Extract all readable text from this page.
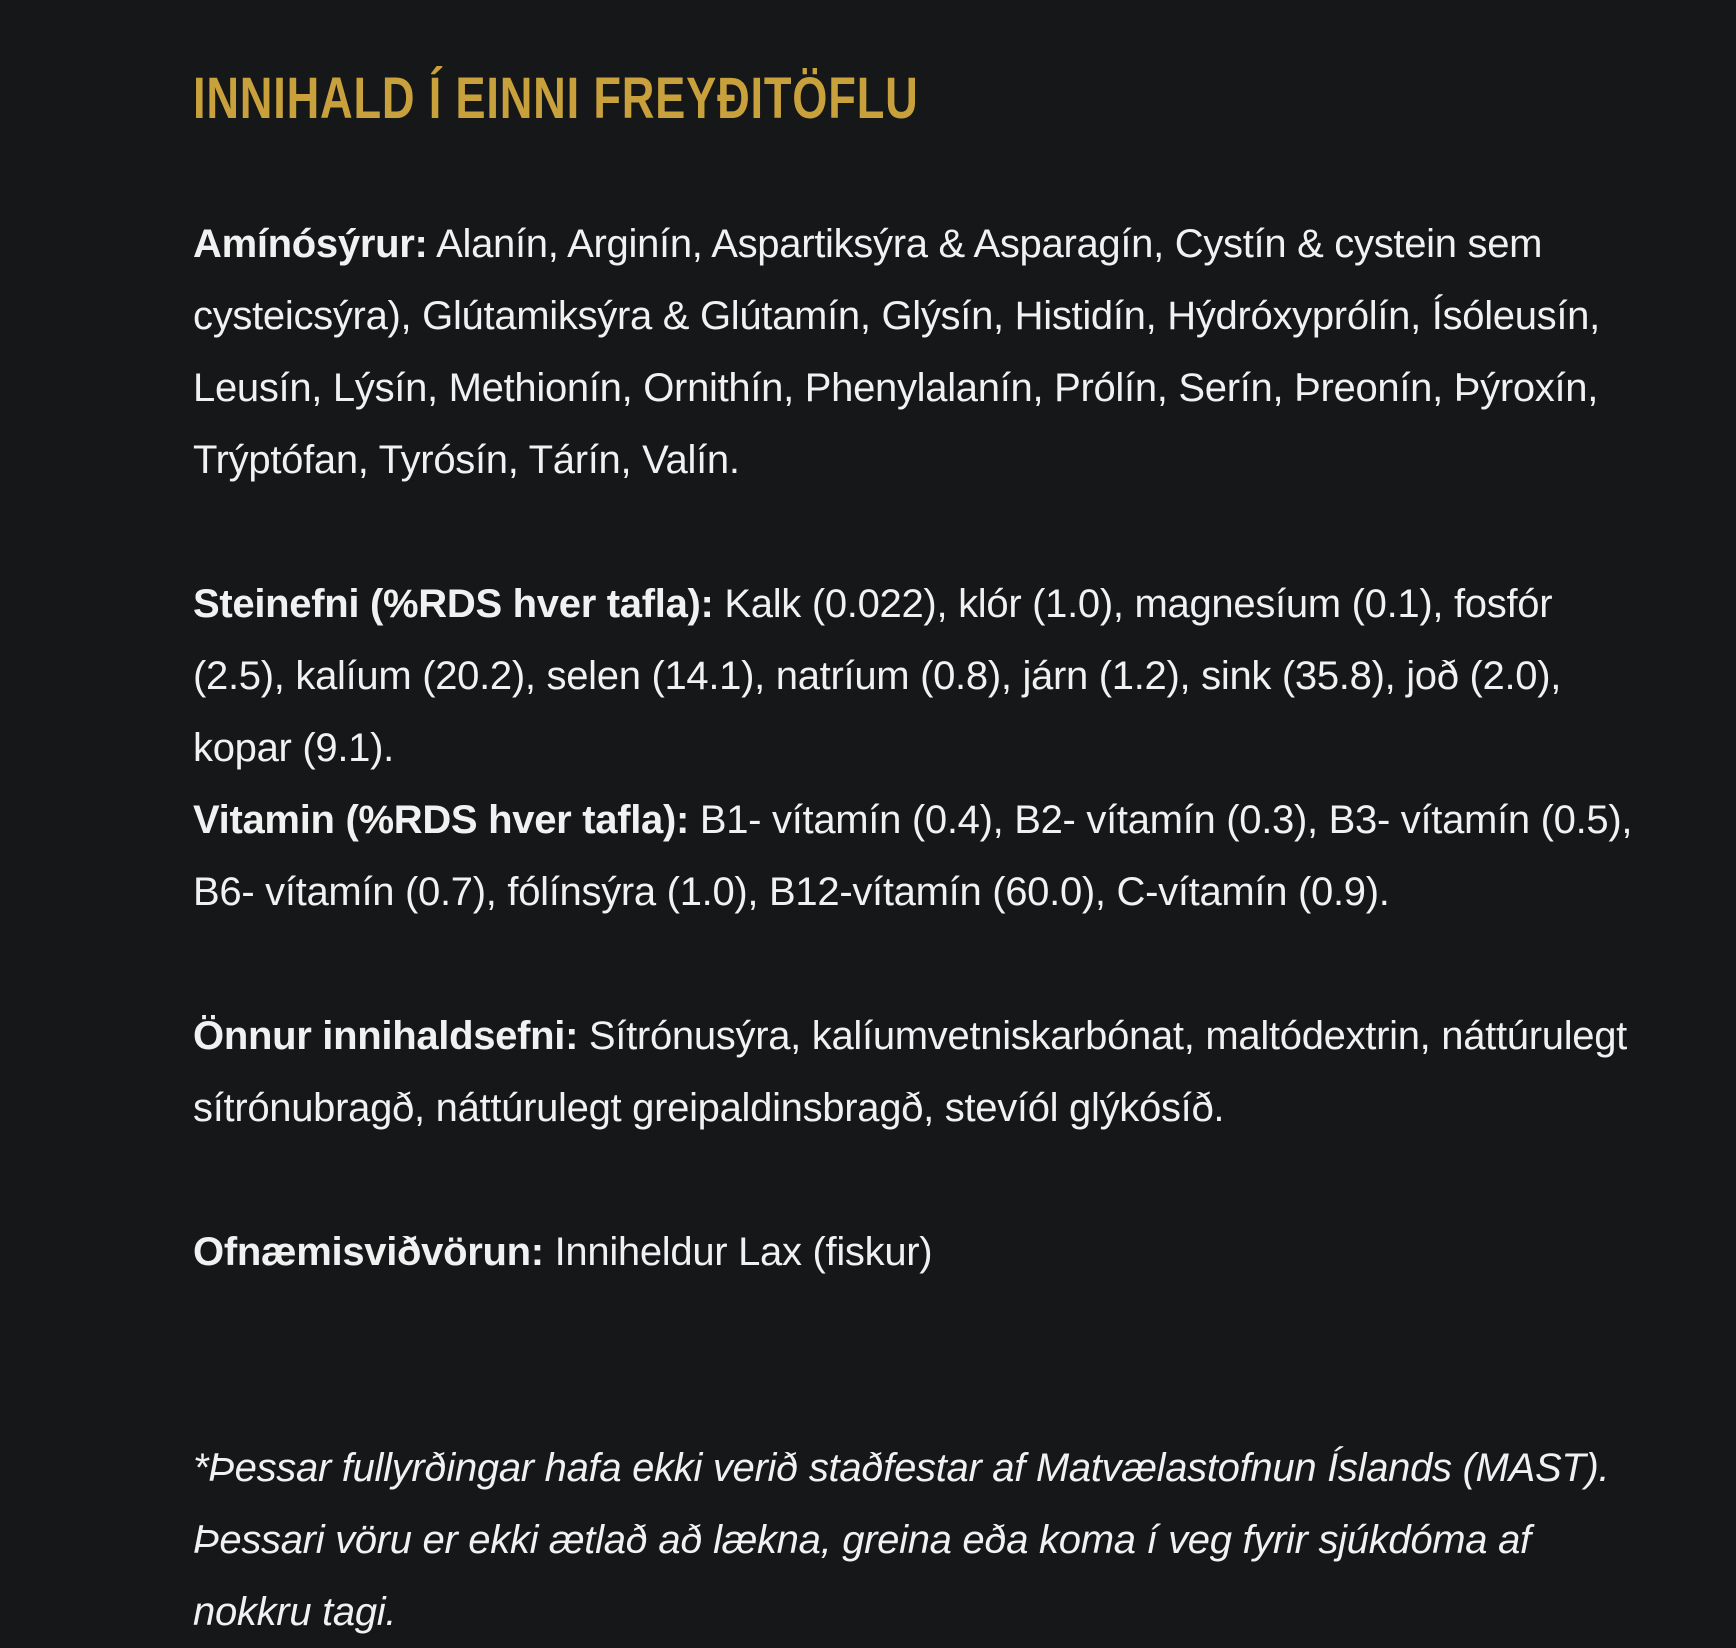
INNIHALD Í EINNI FREYÐITÖFLU

Amínósýrur: Alanín, Arginín, Aspartiksýra & Asparagín, Cystín & cystein sem cysteicsýra), Glútamiksýra & Glútamín, Glýsín, Histidín, Hýdróxyprólín, Ísóleusín, Leusín, Lýsín, Methionín, Ornithín, Phenylalanín, Prólín, Serín, Þreonín, Þýroxín, Trýptófan, Tyrósín, Tárín, Valín.

Steinefni (%RDS hver tafla): Kalk (0.022), klór (1.0), magnesíum (0.1), fosfór (2.5), kalíum (20.2), selen (14.1), natríum (0.8), járn (1.2), sink (35.8), joð (2.0), kopar (9.1).

Vitamin (%RDS hver tafla): B1- vítamín (0.4), B2- vítamín (0.3), B3- vítamín (0.5), B6- vítamín (0.7), fólínsýra (1.0), B12-vítamín (60.0), C-vítamín (0.9).

Önnur innihaldsefni: Sítrónusýra, kalíumvetniskarbónat, maltódextrin, náttúrulegt sítrónubragð, náttúrulegt greipaldinsbragð, stevíól glýkósíð.

Ofnæmisviðvörun: Inniheldur Lax (fiskur)

*Þessar fullyrðingar hafa ekki verið staðfestar af Matvælastofnun Íslands (MAST). Þessari vöru er ekki ætlað að lækna, greina eða koma í veg fyrir sjúkdóma af nokkru tagi.
